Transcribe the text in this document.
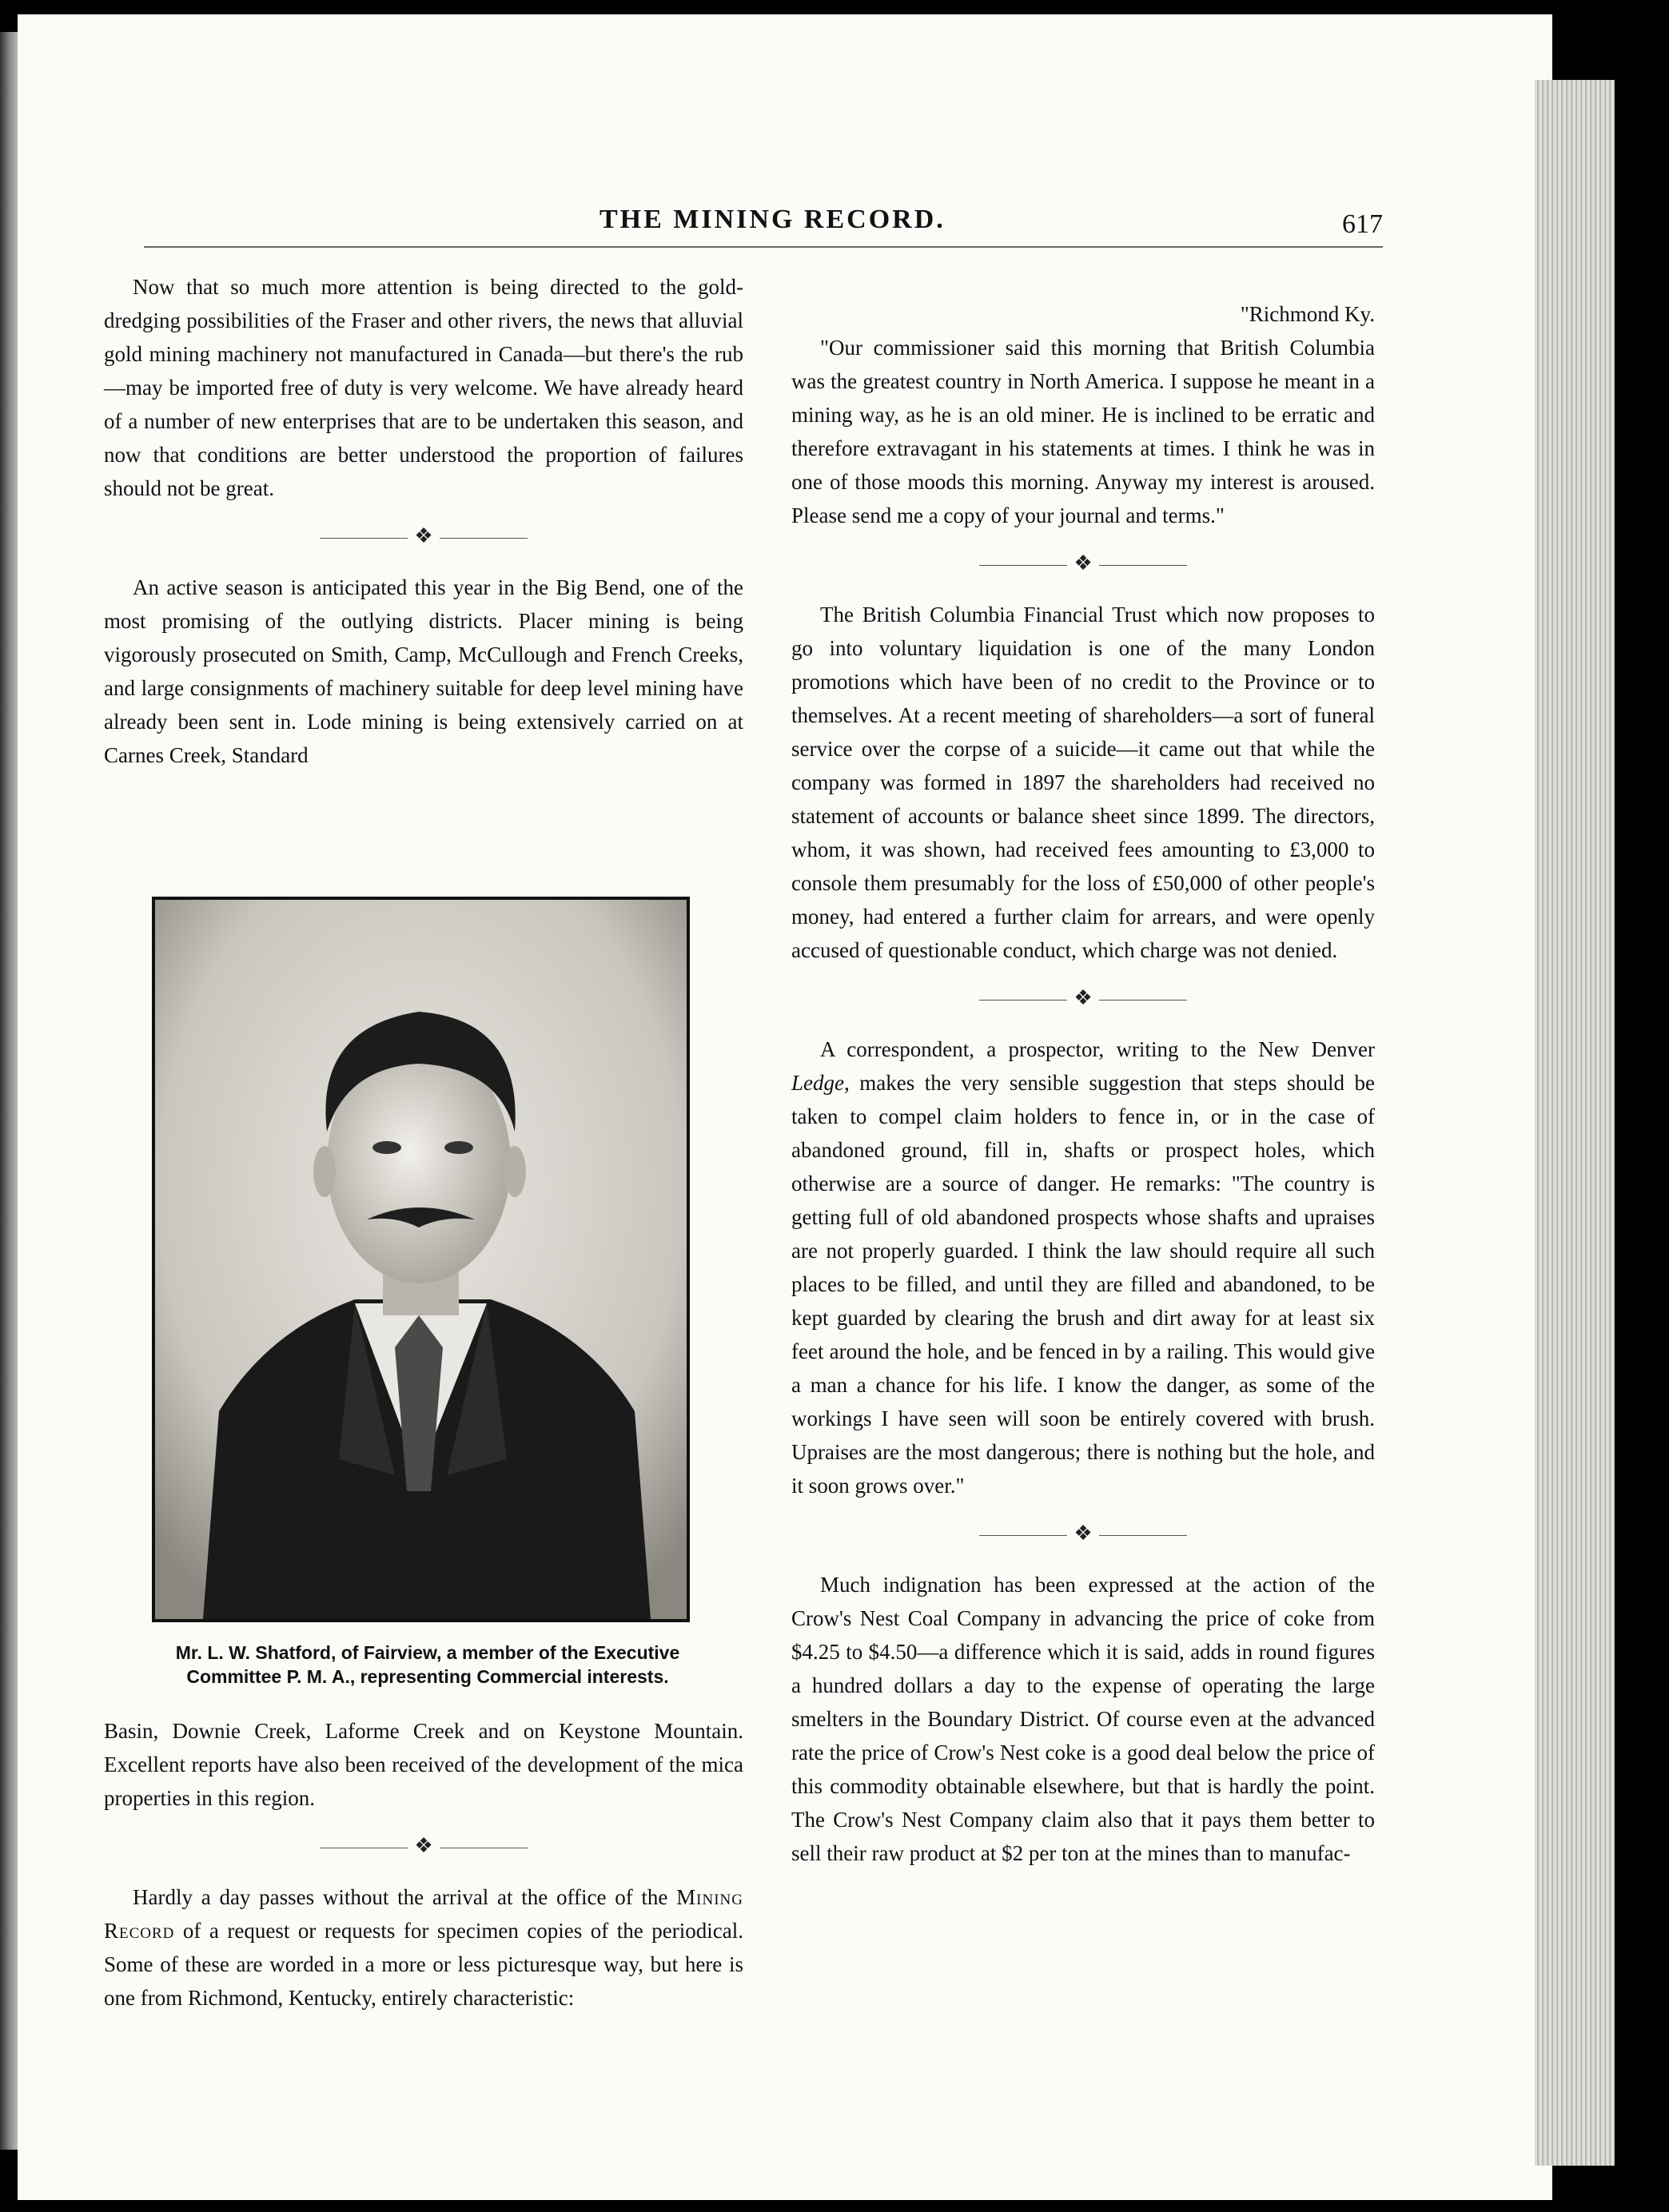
THE MINING RECORD.	617

Now that so much more attention is being directed to the gold-dredging possibilities of the Fraser and other rivers, the news that alluvial gold mining machinery not manufactured in Canada—but there's the rub—may be imported free of duty is very welcome. We have already heard of a number of new enterprises that are to be undertaken this season, and now that conditions are better understood the proportion of failures should not be great.

❖

An active season is anticipated this year in the Big Bend, one of the most promising of the outlying districts. Placer mining is being vigorously prosecuted on Smith, Camp, McCullough and French Creeks, and large consignments of machinery suitable for deep level mining have already been sent in. Lode mining is being extensively carried on at Carnes Creek, Standard

Mr. L. W. Shatford, of Fairview, a member of the Executive
Committee P. M. A., representing Commercial interests.

Basin, Downie Creek, Laforme Creek and on Keystone Mountain. Excellent reports have also been received of the development of the mica properties in this region.

❖

Hardly a day passes without the arrival at the office of the Mining Record of a request or requests for specimen copies of the periodical. Some of these are worded in a more or less picturesque way, but here is one from Richmond, Kentucky, entirely characteristic:

"Richmond Ky.

"Our commissioner said this morning that British Columbia was the greatest country in North America. I suppose he meant in a mining way, as he is an old miner. He is inclined to be erratic and therefore extravagant in his statements at times. I think he was in one of those moods this morning. Anyway my interest is aroused. Please send me a copy of your journal and terms."

❖

The British Columbia Financial Trust which now proposes to go into voluntary liquidation is one of the many London promotions which have been of no credit to the Province or to themselves. At a recent meeting of shareholders—a sort of funeral service over the corpse of a suicide—it came out that while the company was formed in 1897 the shareholders had received no statement of accounts or balance sheet since 1899. The directors, whom, it was shown, had received fees amounting to £3,000 to console them presumably for the loss of £50,000 of other people's money, had entered a further claim for arrears, and were openly accused of questionable conduct, which charge was not denied.

❖

A correspondent, a prospector, writing to the New Denver Ledge, makes the very sensible suggestion that steps should be taken to compel claim holders to fence in, or in the case of abandoned ground, fill in, shafts or prospect holes, which otherwise are a source of danger. He remarks: "The country is getting full of old abandoned prospects whose shafts and upraises are not properly guarded. I think the law should require all such places to be filled, and until they are filled and abandoned, to be kept guarded by clearing the brush and dirt away for at least six feet around the hole, and be fenced in by a railing. This would give a man a chance for his life. I know the danger, as some of the workings I have seen will soon be entirely covered with brush. Upraises are the most dangerous; there is nothing but the hole, and it soon grows over."

❖

Much indignation has been expressed at the action of the Crow's Nest Coal Company in advancing the price of coke from $4.25 to $4.50—a difference which it is said, adds in round figures a hundred dollars a day to the expense of operating the large smelters in the Boundary District. Of course even at the advanced rate the price of Crow's Nest coke is a good deal below the price of this commodity obtainable elsewhere, but that is hardly the point. The Crow's Nest Company claim also that it pays them better to sell their raw product at $2 per ton at the mines than to manufac-
